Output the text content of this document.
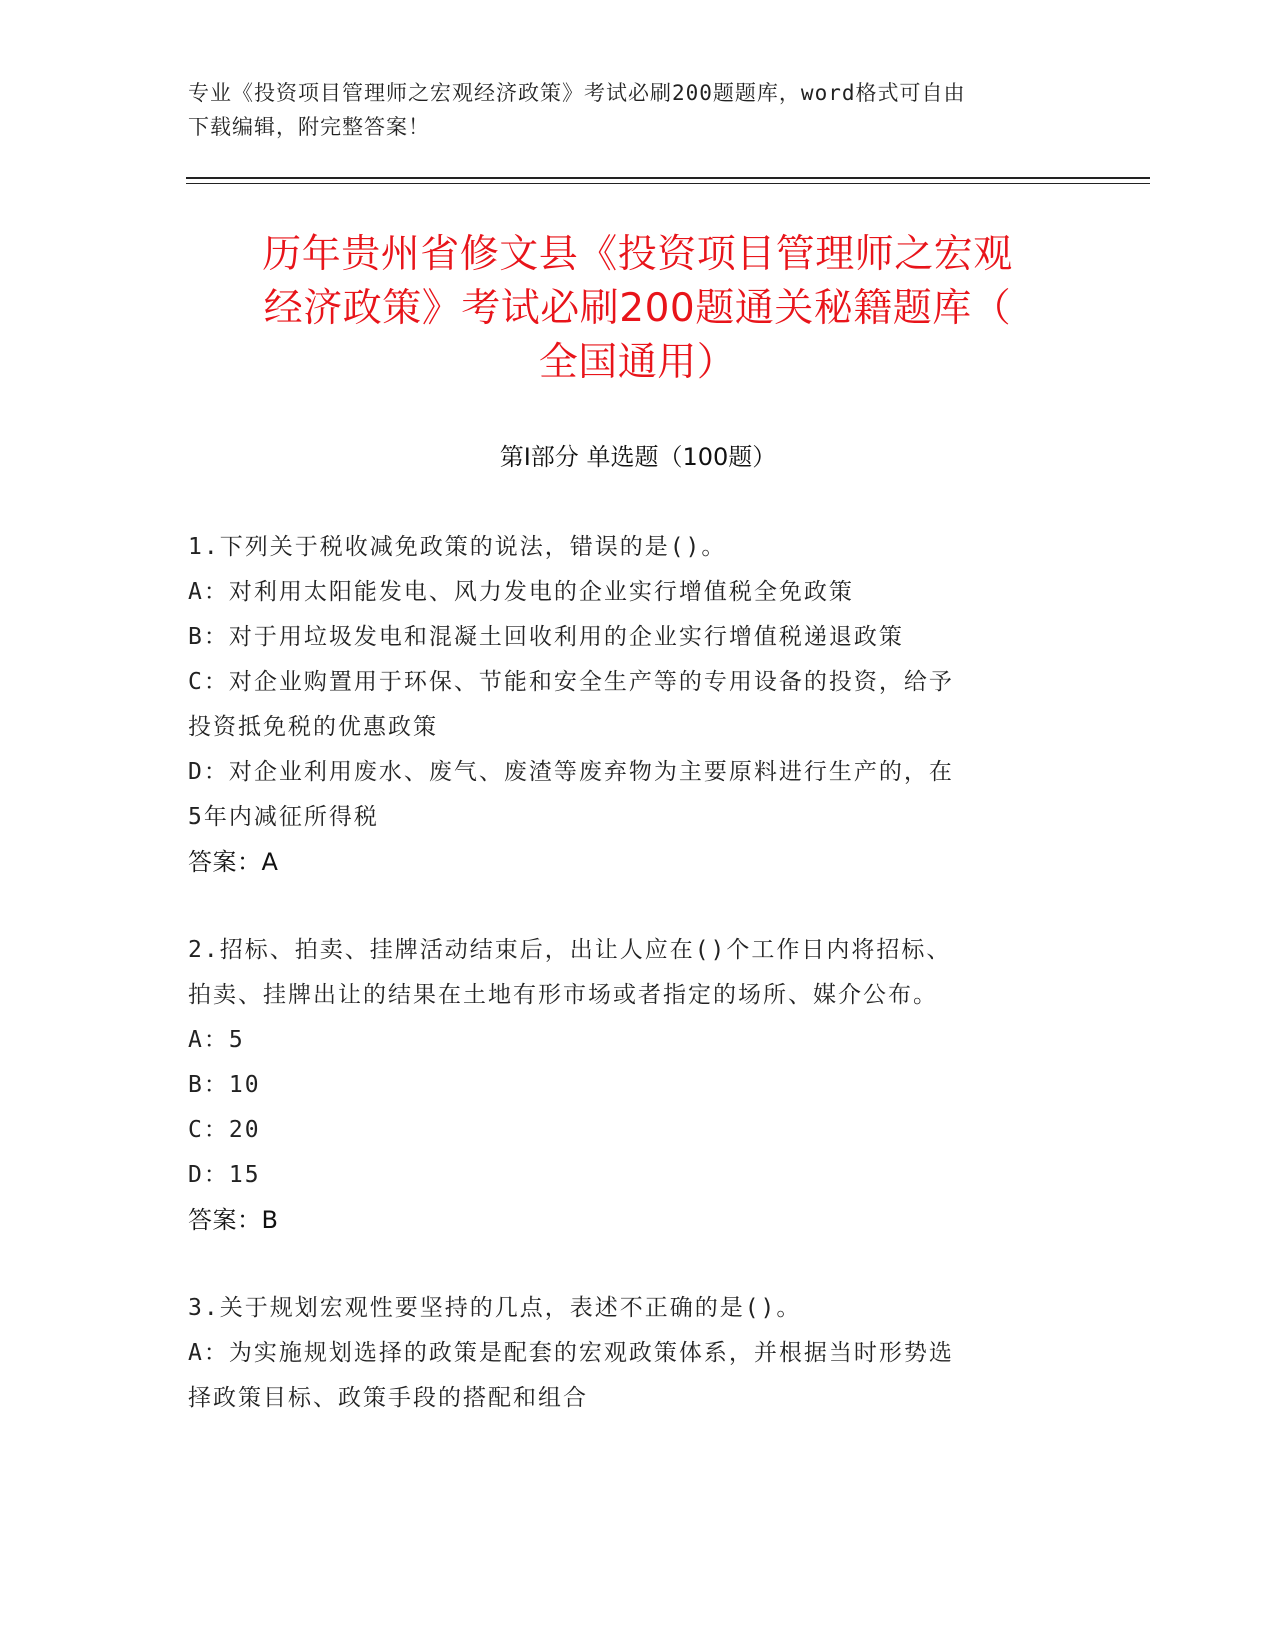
专业《投资项目管理师之宏观经济政策》考试必刷200题题库，word格式可自由
下载编辑，附完整答案！
历年贵州省修文县《投资项目管理师之宏观
经济政策》考试必刷200题通关秘籍题库（
全国通用）
第Ⅰ部分 单选题（100题）
1.下列关于税收减免政策的说法，错误的是()。
A：对利用太阳能发电、风力发电的企业实行增值税全免政策
B：对于用垃圾发电和混凝土回收利用的企业实行增值税递退政策
C：对企业购置用于环保、节能和安全生产等的专用设备的投资，给予
投资抵免税的优惠政策
D：对企业利用废水、废气、废渣等废弃物为主要原料进行生产的，在
5年内减征所得税
答案：A
2.招标、拍卖、挂牌活动结束后，出让人应在()个工作日内将招标、
拍卖、挂牌出让的结果在土地有形市场或者指定的场所、媒介公布。
A：5
B：10
C：20
D：15
答案：B
3.关于规划宏观性要坚持的几点，表述不正确的是()。
A：为实施规划选择的政策是配套的宏观政策体系，并根据当时形势选
择政策目标、政策手段的搭配和组合
